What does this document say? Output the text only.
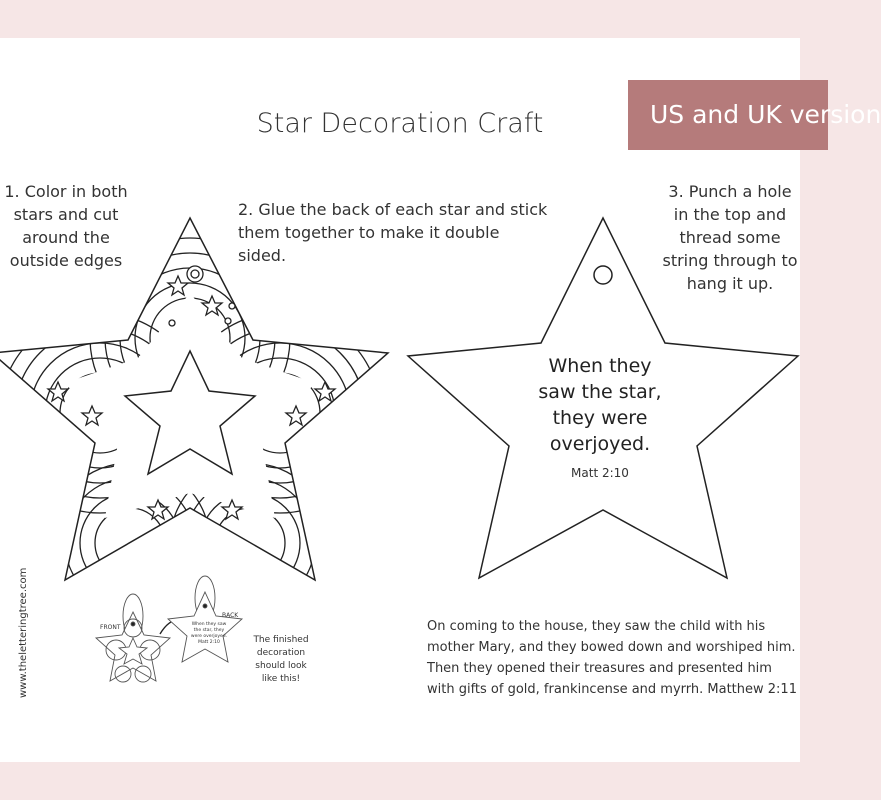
Star Decoration Craft	US and UK version
1. Color in both stars and cut around the outside edges
2. Glue the back of each star and stick them together to make it double sided.
3. Punch a hole in the top and thread some string through to hang it up.
When they saw the star, they were overjoyed.
Matt 2:10
FRONT
BACK
When they saw the star, they were overjoyed.
Matt 2:10	The finished decoration should look like this!
On coming to the house, they saw the child with his mother Mary, and they bowed down and worshiped him. Then they opened their treasures and presented him with gifts of gold, frankincense and myrrh. Matthew 2:11
www.theletteringtree.com
